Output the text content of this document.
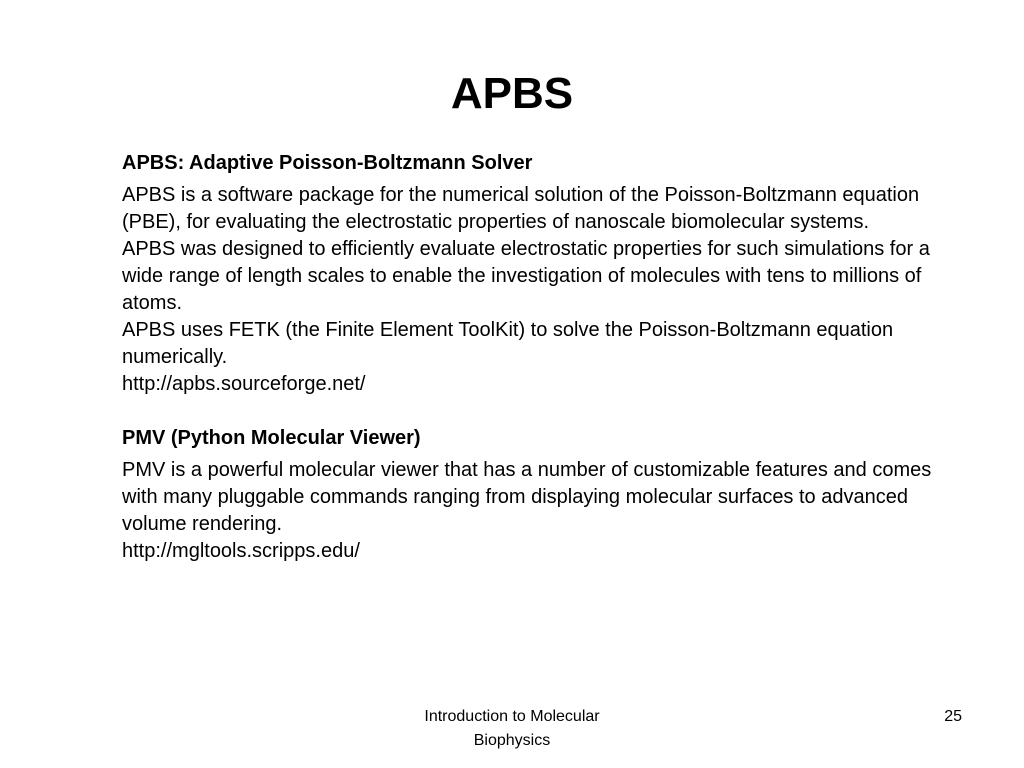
APBS
APBS: Adaptive Poisson-Boltzmann Solver
APBS is a software package for the numerical solution of the Poisson-Boltzmann equation (PBE), for evaluating the electrostatic properties of nanoscale biomolecular systems.
APBS was designed to efficiently evaluate electrostatic properties for such simulations for a wide range of length scales to enable the investigation of molecules with tens to millions of atoms.
APBS uses FETK (the Finite Element ToolKit) to solve the Poisson-Boltzmann equation numerically.
http://apbs.sourceforge.net/
PMV (Python Molecular Viewer)
PMV is a powerful molecular viewer that has a number of customizable features and comes with many pluggable commands ranging from displaying molecular surfaces to advanced volume rendering.
http://mgltools.scripps.edu/
Introduction to Molecular
Biophysics
25
